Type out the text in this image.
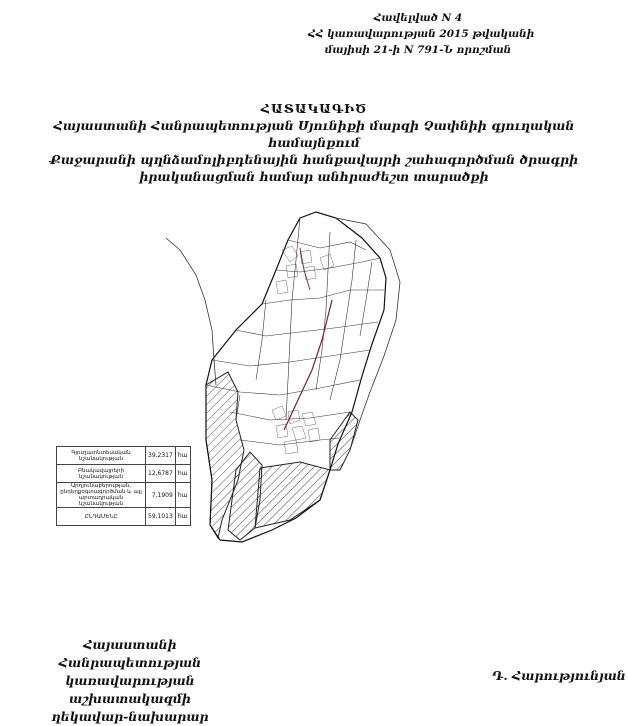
Հավելված N 4
ՀՀ կառավարության 2015 թվականի
մայիսի 21-ի N 791-Ն որոշման
ՀԱՏԱԿԱԳԻԾ
Հայաստանի Հանրապետության Սյունիքի մարզի Չափնիի գյուղական համայնքում
Քաջարանի պղնձամոլիբդենային հանքավայրի շահագործման ծրագրի
իրականացման համար անհրաժեշտ տարածքի
Գյուղատնտեսական նշանակության	39,2317	հա
Բնակավայրերի նշանակության	12,6787	հա
Արդյունաբերության, ընդերքօգտագործման և այլ արտադրական նշանակության	7,1909	հա
ԸՆԴԱՄԵՆԸ	59,1013	հա
Հայաստանի Հանրապետության
կառավարության աշխատակազմի
ղեկավար-նախարար
Դ. Հարությունյան
